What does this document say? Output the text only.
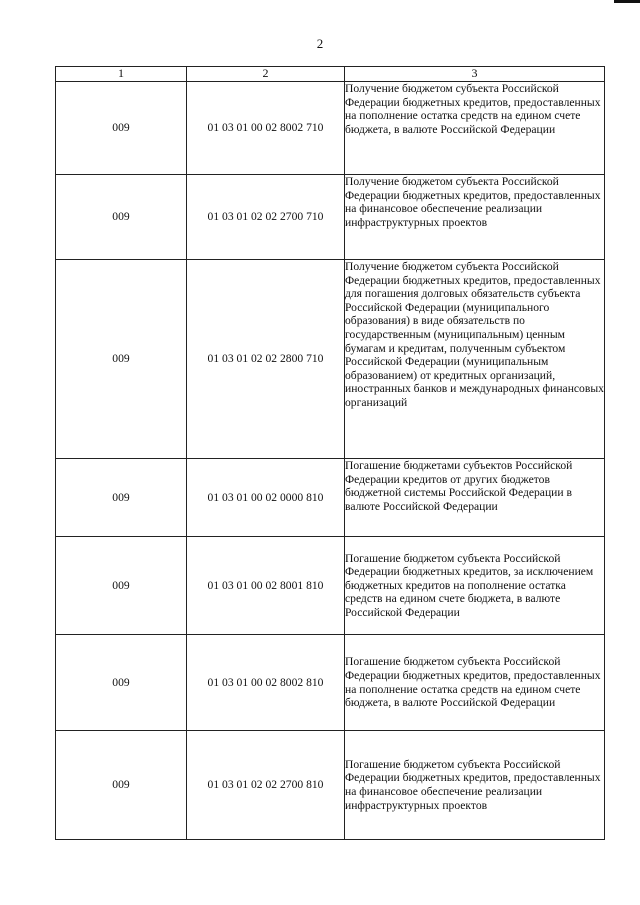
2
1	2	3
009	01 03 01 00 02 8002 710	Получение бюджетом субъекта Российской Федерации бюджетных кредитов, предоставленных на пополнение остатка средств на едином счете бюджета, в валюте Российской Федерации
009	01 03 01 02 02 2700 710	Получение бюджетом субъекта Российской Федерации бюджетных кредитов, предоставленных на финансовое обеспечение реализации инфраструктурных проектов
009	01 03 01 02 02 2800 710	Получение бюджетом субъекта Российской Федерации бюджетных кредитов, предоставленных для погашения долговых обязательств субъекта Российской Федерации (муниципального образования) в виде обязательств по государственным (муниципальным) ценным бумагам и кредитам, полученным субъектом Российской Федерации (муниципальным образованием) от кредитных организаций, иностранных банков и международных финансовых организаций
009	01 03 01 00 02 0000 810	Погашение бюджетами субъектов Российской Федерации кредитов от других бюджетов бюджетной системы Российской Федерации в валюте Российской Федерации
009	01 03 01 00 02 8001 810	Погашение бюджетом субъекта Российской Федерации бюджетных кредитов, за исключением бюджетных кредитов на пополнение остатка средств на едином счете бюджета, в валюте Российской Федерации
009	01 03 01 00 02 8002 810	Погашение бюджетом субъекта Российской Федерации бюджетных кредитов, предоставленных на пополнение остатка средств на едином счете бюджета, в валюте Российской Федерации
009	01 03 01 02 02 2700 810	Погашение бюджетом субъекта Российской Федерации бюджетных кредитов, предоставленных на финансовое обеспечение реализации инфраструктурных проектов
